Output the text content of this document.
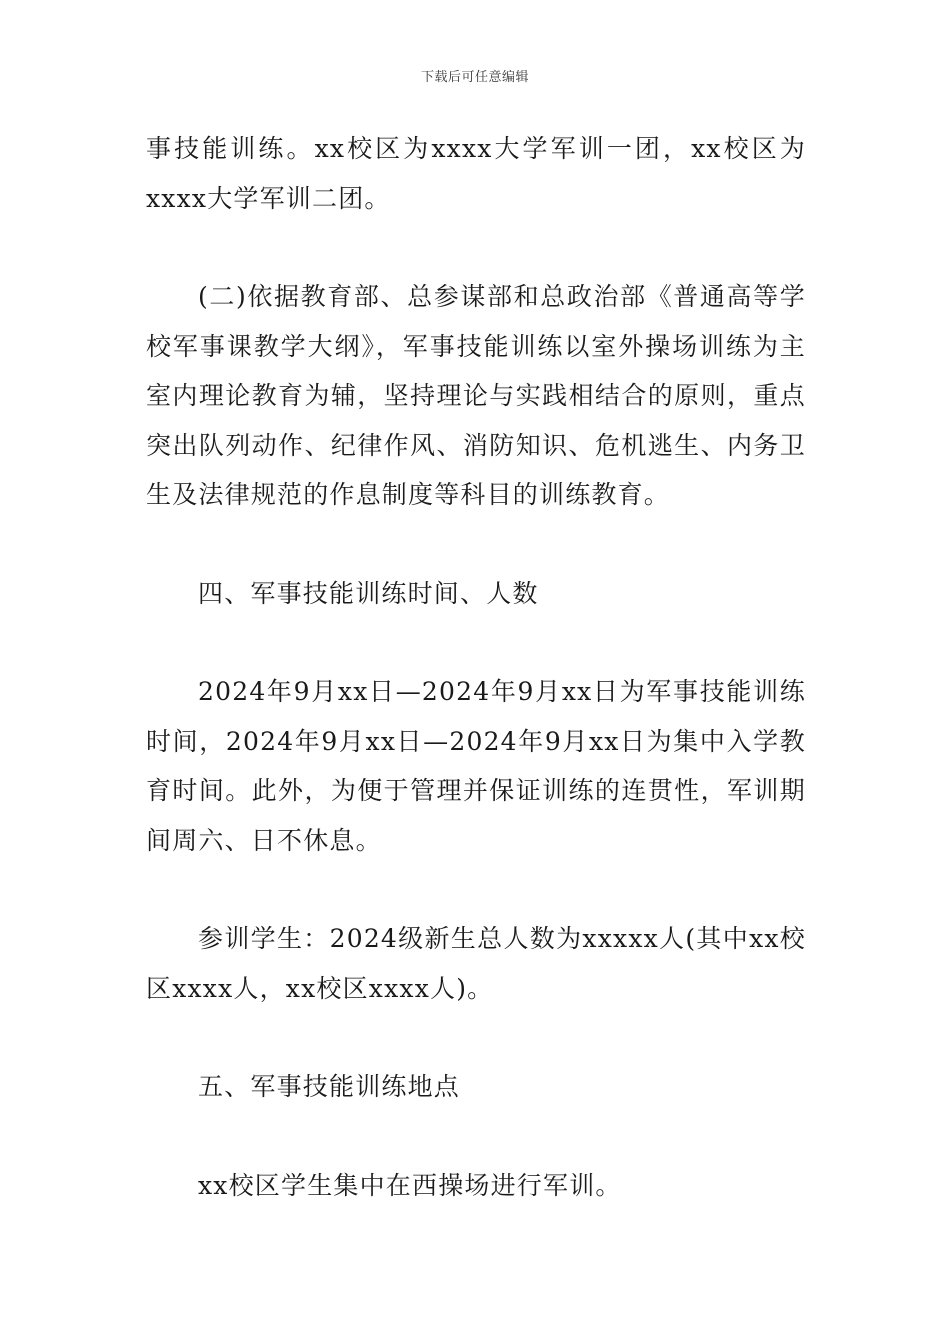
下载后可任意编辑

事技能训练。xx校区为xxxx大学军训一团，xx校区为xxxx大学军训二团。

(二)依据教育部、总参谋部和总政治部《普通高等学校军事课教学大纲》，军事技能训练以室外操场训练为主室内理论教育为辅，坚持理论与实践相结合的原则，重点突出队列动作、纪律作风、消防知识、危机逃生、内务卫生及法律规范的作息制度等科目的训练教育。

四、军事技能训练时间、人数

2024年9月xx日—2024年9月xx日为军事技能训练时间，2024年9月xx日—2024年9月xx日为集中入学教育时间。此外，为便于管理并保证训练的连贯性，军训期间周六、日不休息。

参训学生：2024级新生总人数为xxxxx人(其中xx校区xxxx人，xx校区xxxx人)。

五、军事技能训练地点

xx校区学生集中在西操场进行军训。
